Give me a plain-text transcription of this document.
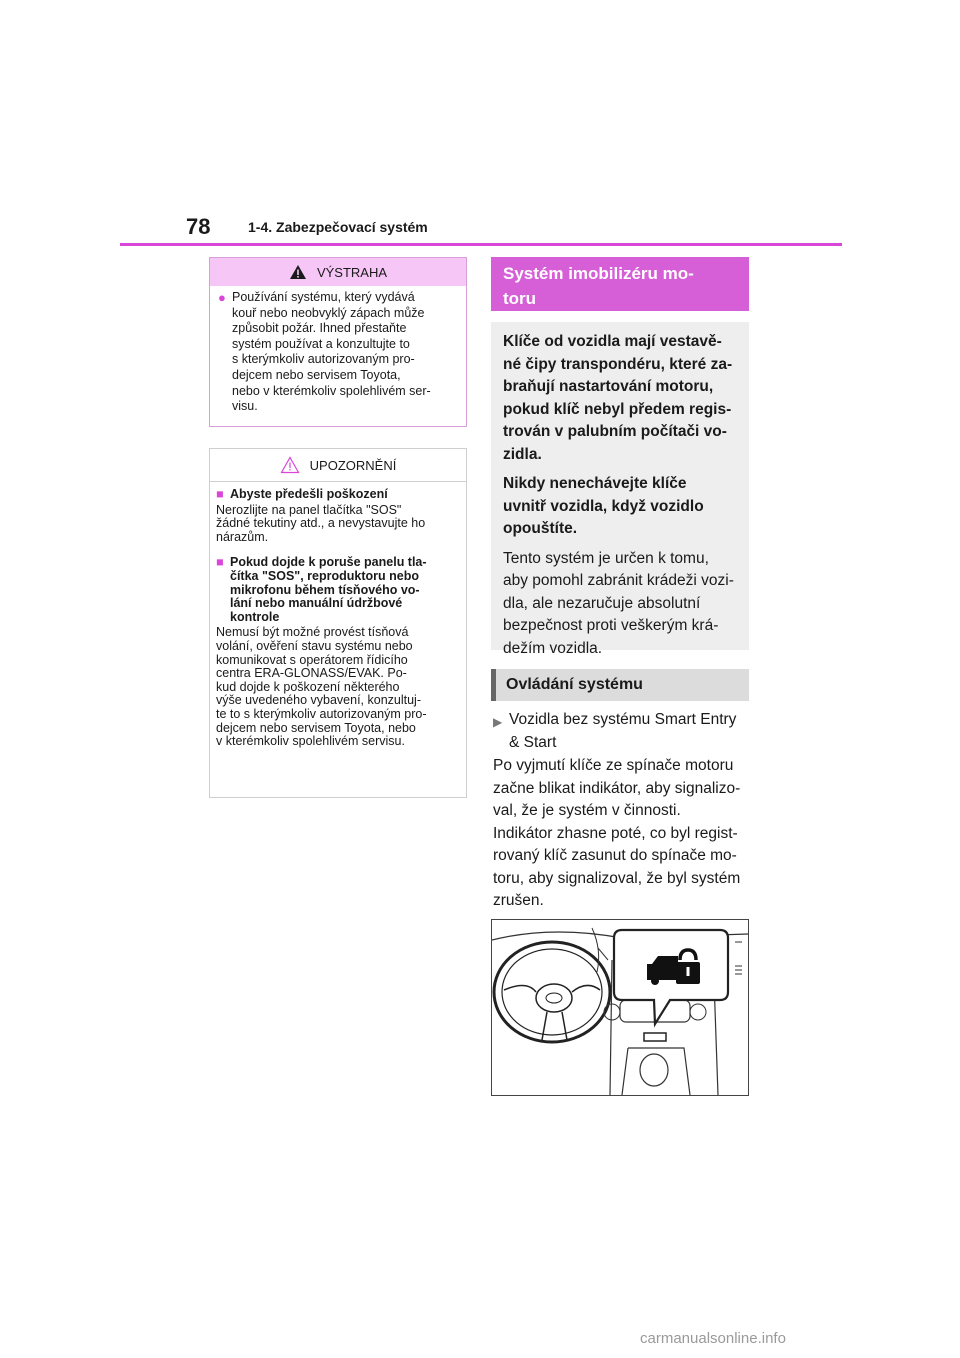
78	1-4. Zabezpečovací systém
VÝSTRAHA
● Používání systému, který vydává
kouř nebo neobvyklý zápach může
způsobit požár. Ihned přestaňte
systém používat a konzultujte to
s kterýmkoliv autorizovaným pro-
dejcem nebo servisem Toyota,
nebo v kterémkoliv spolehlivém ser-
visu.
UPOZORNĚNÍ
■ Abyste předešli poškození
Nerozlijte na panel tlačítka "SOS"
žádné tekutiny atd., a nevystavujte ho
nárazům.
■ Pokud dojde k poruše panelu tla-
čítka "SOS", reproduktoru nebo
mikrofonu během tísňového vo-
lání nebo manuální údržbové
kontrole
Nemusí být možné provést tísňová
volání, ověření stavu systému nebo
komunikovat s operátorem řídicího
centra ERA-GLONASS/EVAK. Po-
kud dojde k poškození některého
výše uvedeného vybavení, konzultuj-
te to s kterýmkoliv autorizovaným pro-
dejcem nebo servisem Toyota, nebo
v kterémkoliv spolehlivém servisu.
Systém imobilizéru mo-
toru

Klíče od vozidla mají vestavě-
né čipy transpondéru, které za-
braňují nastartování motoru,
pokud klíč nebyl předem regis-
trován v palubním počítači vo-
zidla.

Nikdy nenechávejte klíče
uvnitř vozidla, když vozidlo
opouštíte.

Tento systém je určen k tomu,
aby pomohl zabránit krádeži vozi-
dla, ale nezaručuje absolutní
bezpečnost proti veškerým krá-
dežím vozidla.

Ovládání systému
▶ Vozidla bez systému Smart Entry
& Start
Po vyjmutí klíče ze spínače motoru
začne blikat indikátor, aby signalizo-
val, že je systém v činnosti.
Indikátor zhasne poté, co byl regist-
rovaný klíč zasunut do spínače mo-
toru, aby signalizoval, že byl systém
zrušen.
carmanualsonline.info
